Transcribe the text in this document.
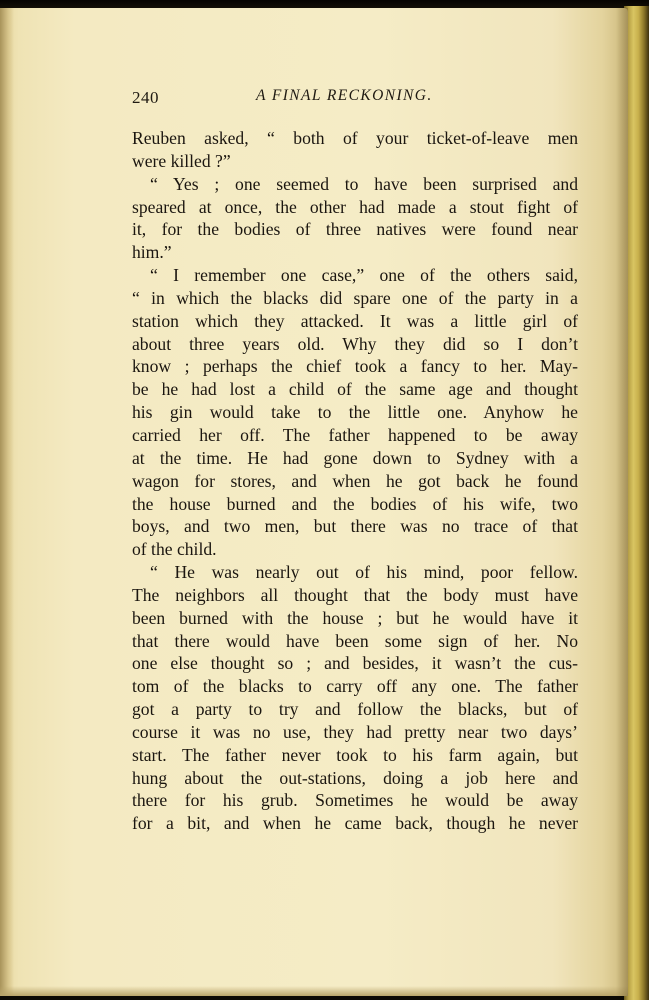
240	A FINAL RECKONING.
Reuben asked, “ both of your ticket-of-leave men
were killed ?”
“ Yes ; one seemed to have been surprised and
speared at once, the other had made a stout fight of
it, for the bodies of three natives were found near
him.”
“ I remember one case,” one of the others said,
“ in which the blacks did spare one of the party in a
station which they attacked. It was a little girl of
about three years old. Why they did so I don’t
know ; perhaps the chief took a fancy to her. May-
be he had lost a child of the same age and thought
his gin would take to the little one. Anyhow he
carried her off. The father happened to be away
at the time. He had gone down to Sydney with a
wagon for stores, and when he got back he found
the house burned and the bodies of his wife, two
boys, and two men, but there was no trace of that
of the child.
“ He was nearly out of his mind, poor fellow.
The neighbors all thought that the body must have
been burned with the house ; but he would have it
that there would have been some sign of her. No
one else thought so ; and besides, it wasn’t the cus-
tom of the blacks to carry off any one. The father
got a party to try and follow the blacks, but of
course it was no use, they had pretty near two days’
start. The father never took to his farm again, but
hung about the out-stations, doing a job here and
there for his grub. Sometimes he would be away
for a bit, and when he came back, though he never
